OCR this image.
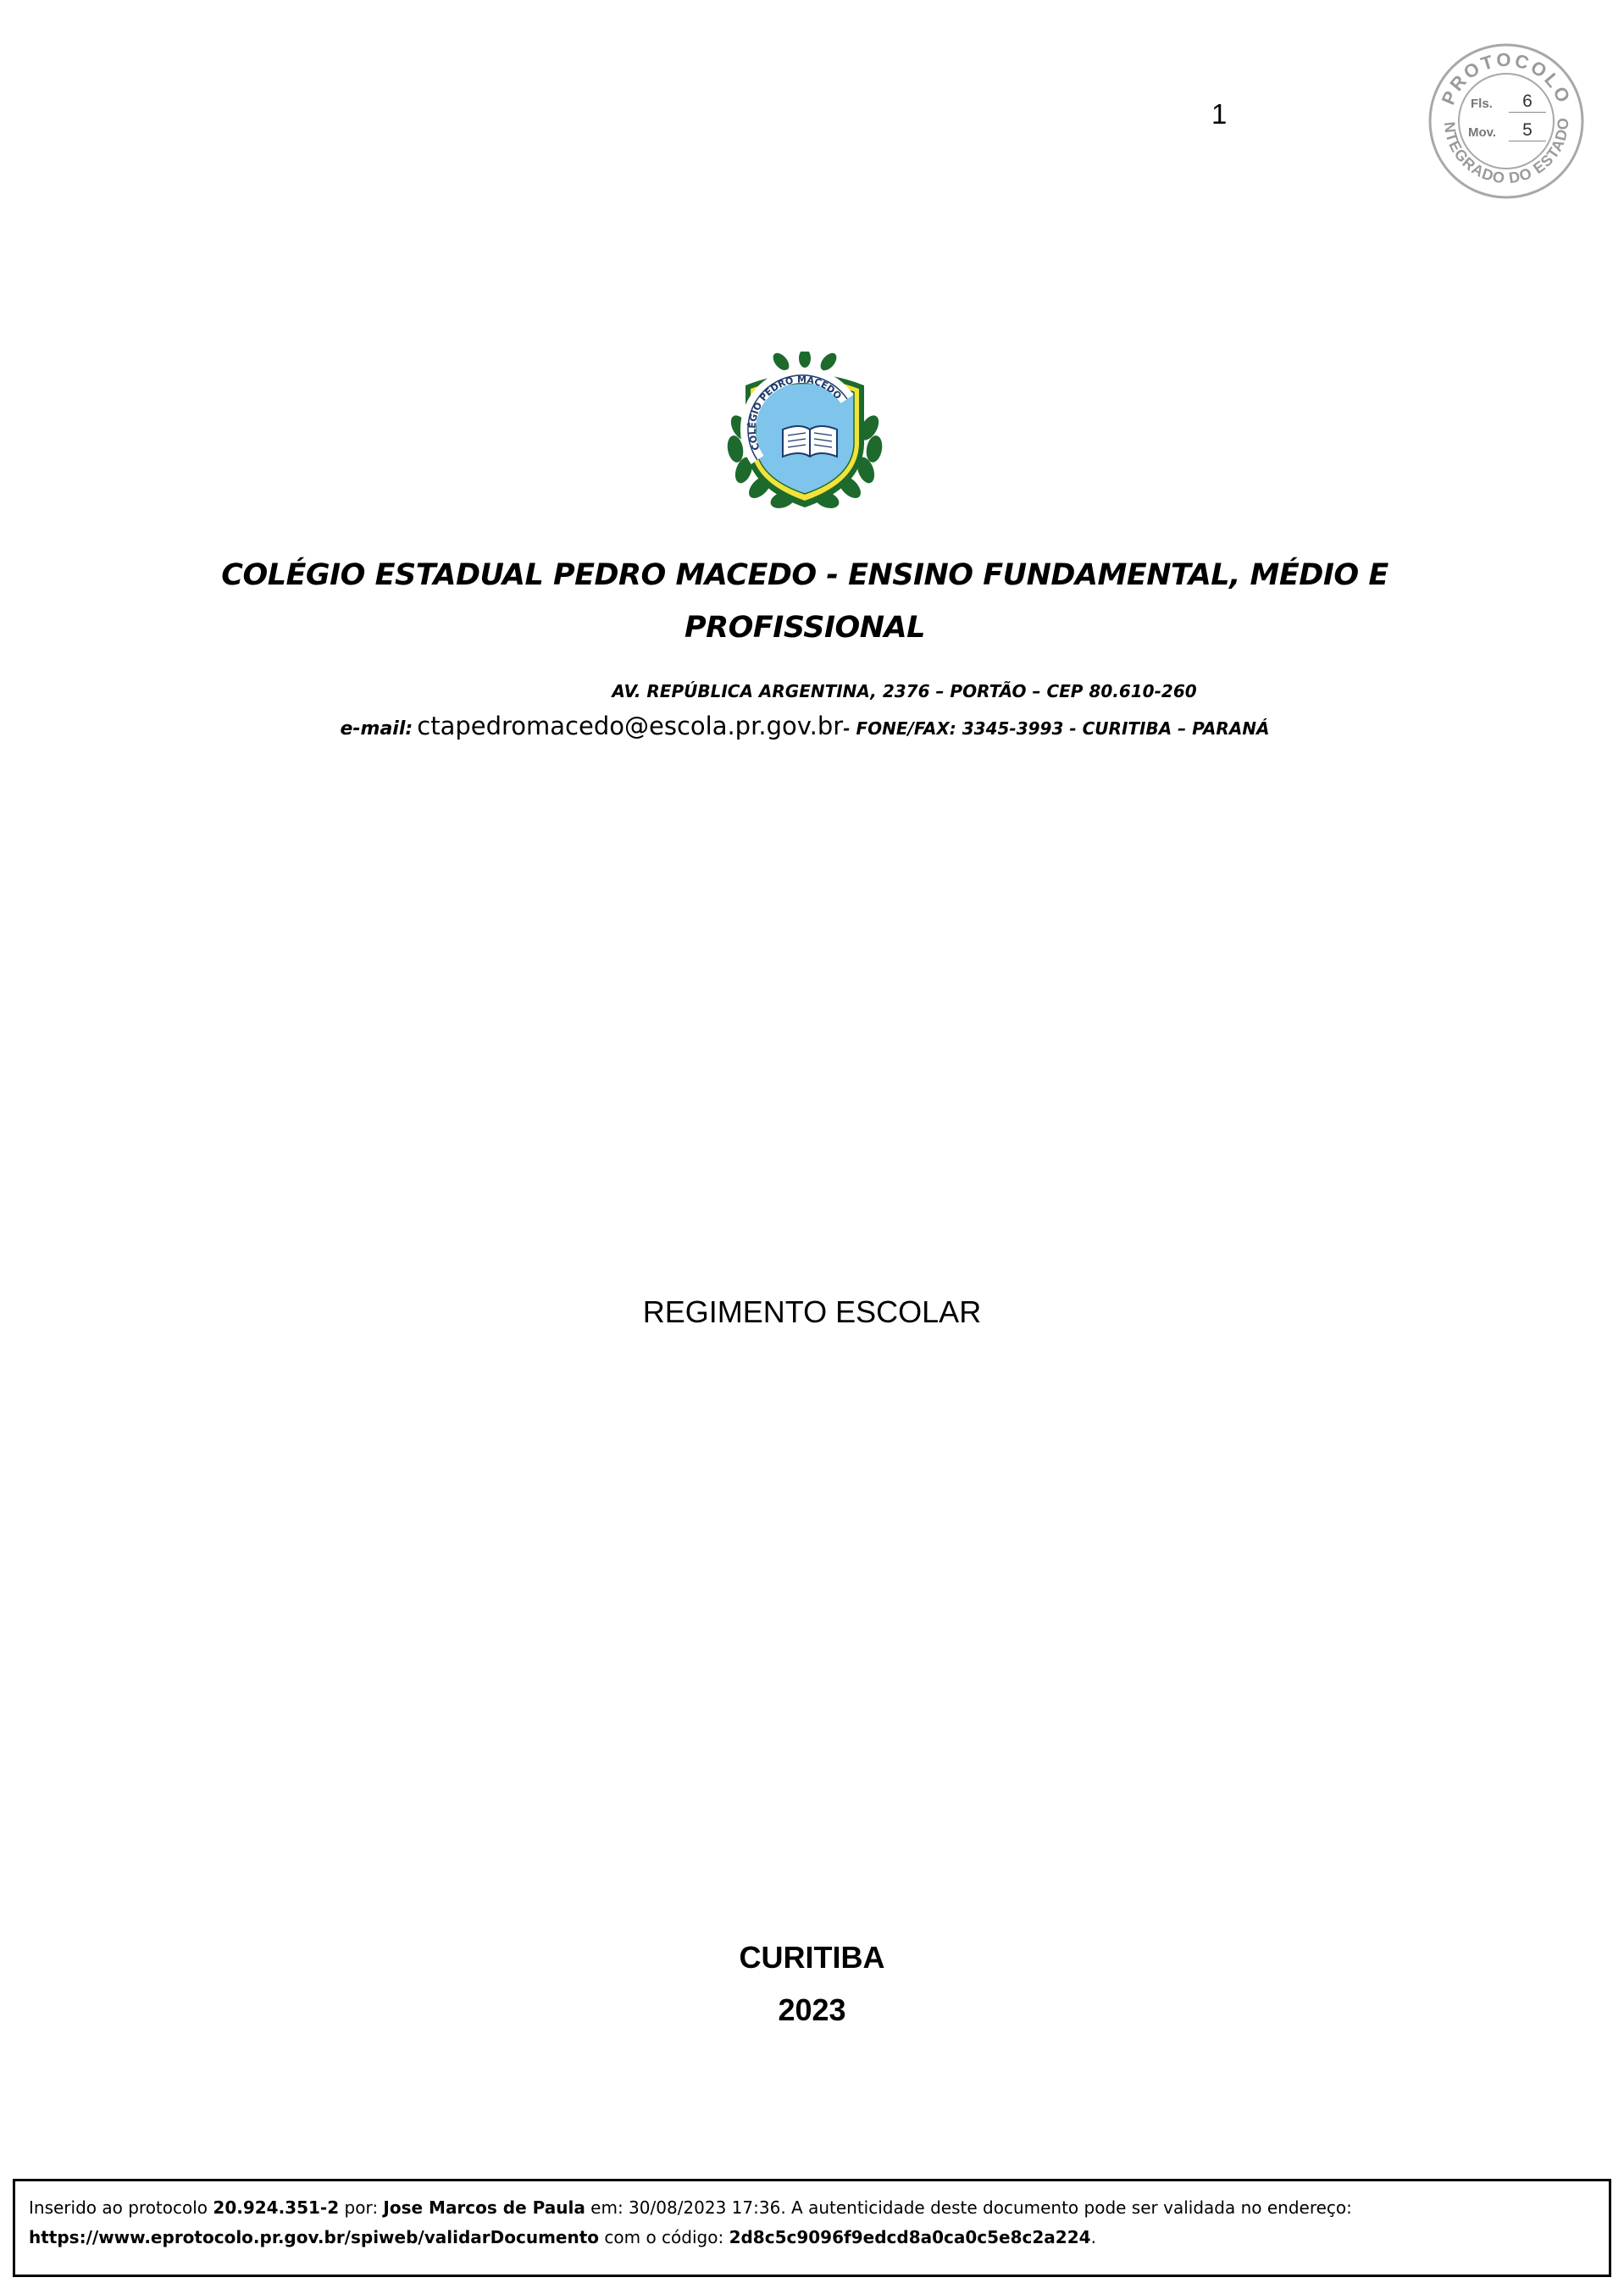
1
PROTOCOLO
NTEGRADO DO ESTADO
Fls.	6
Mov.	5
COLÉGIO PEDRO MACEDO
COLÉGIO ESTADUAL PEDRO MACEDO - ENSINO FUNDAMENTAL, MÉDIO E
PROFISSIONAL
AV. REPÚBLICA ARGENTINA, 2376 – PORTÃO – CEP 80.610-260
e-mail: ctapedromacedo@escola.pr.gov.br- FONE/FAX: 3345-3993 - CURITIBA – PARANÁ
REGIMENTO ESCOLAR
CURITIBA
2023
Inserido ao protocolo 20.924.351-2 por: Jose Marcos de Paula em: 30/08/2023 17:36. A autenticidade deste documento pode ser validada no endereço:
https://www.eprotocolo.pr.gov.br/spiweb/validarDocumento com o código: 2d8c5c9096f9edcd8a0ca0c5e8c2a224.
